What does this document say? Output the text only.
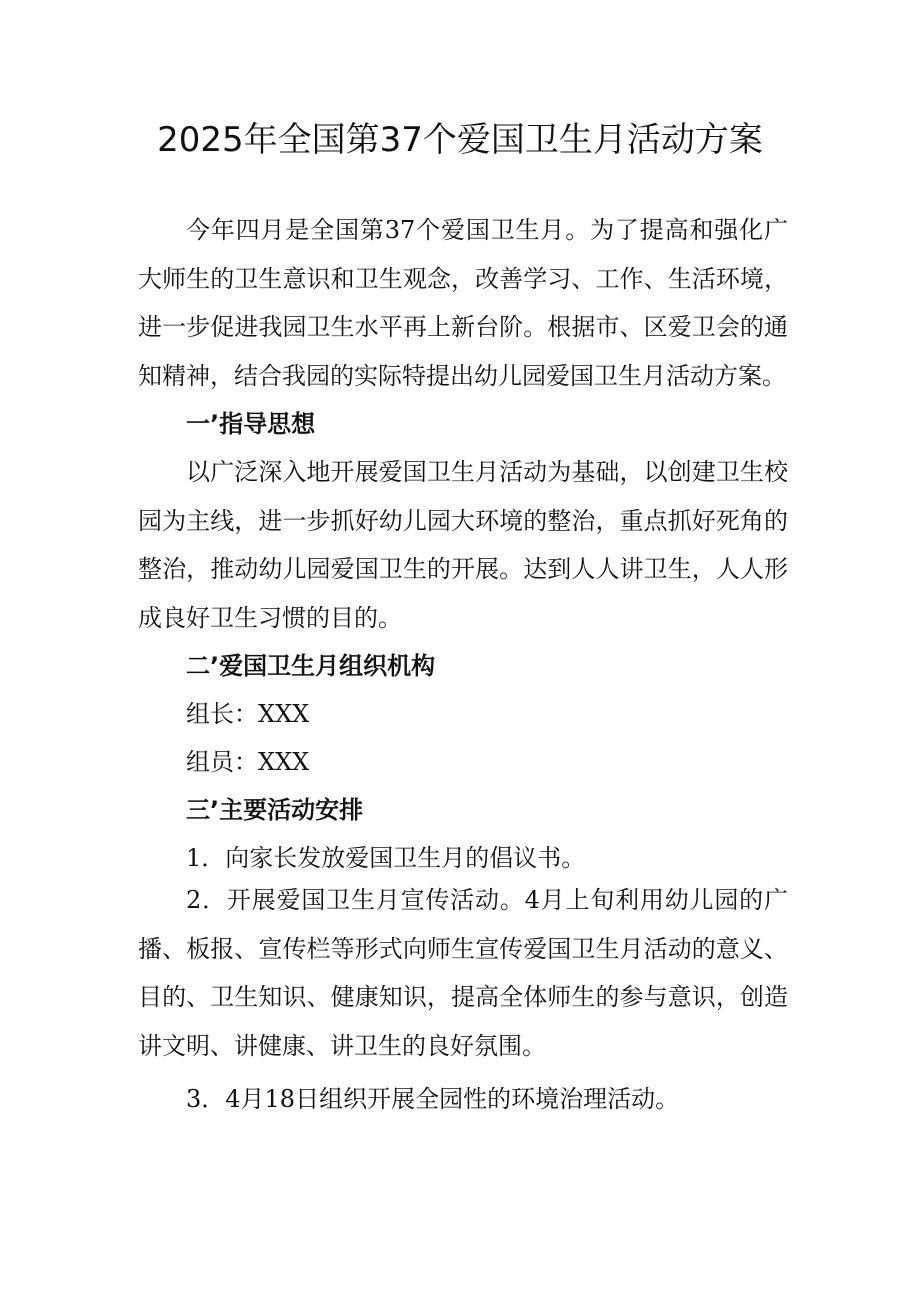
2025年全国第37个爱国卫生月活动方案
今年四月是全国第37个爱国卫生月。为了提高和强化广大师生的卫生意识和卫生观念，改善学习、工作、生活环境，进一步促进我园卫生水平再上新台阶。根据市、区爱卫会的通知精神，结合我园的实际特提出幼儿园爱国卫生月活动方案。
一’指导思想
以广泛深入地开展爱国卫生月活动为基础，以创建卫生校园为主线，进一步抓好幼儿园大环境的整治，重点抓好死角的整治，推动幼儿园爱国卫生的开展。达到人人讲卫生，人人形成良好卫生习惯的目的。
二’爱国卫生月组织机构
组长：XXX
组员：XXX
三’主要活动安排
1．向家长发放爱国卫生月的倡议书。
2．开展爱国卫生月宣传活动。4月上旬利用幼儿园的广播、板报、宣传栏等形式向师生宣传爱国卫生月活动的意义、目的、卫生知识、健康知识，提高全体师生的参与意识，创造讲文明、讲健康、讲卫生的良好氛围。
3．4月18日组织开展全园性的环境治理活动。
